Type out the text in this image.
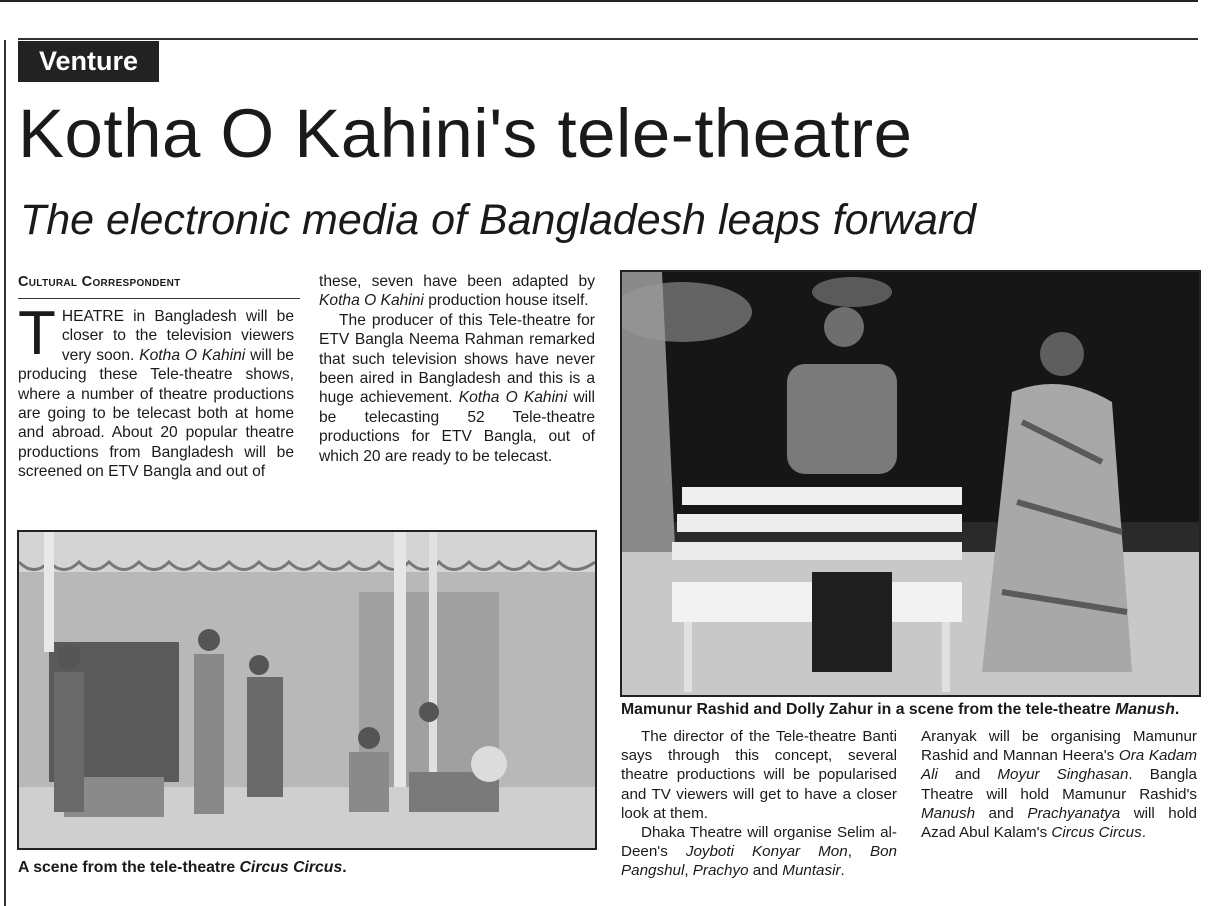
Venture
Kotha O Kahini's tele-theatre
The electronic media of Bangladesh leaps forward
Cultural Correspondent

THEATRE in Bangladesh will be closer to the television viewers very soon. Kotha O Kahini will be producing these Tele-theatre shows, where a number of theatre productions are going to be telecast both at home and abroad. About 20 popular theatre productions from Bangladesh will be screened on ETV Bangla and out of

these, seven have been adapted by Kotha O Kahini production house itself.

The producer of this Tele-theatre for ETV Bangla Neema Rahman remarked that such television shows have never been aired in Bangladesh and this is a huge achievement. Kotha O Kahini will be telecasting 52 Tele-theatre productions for ETV Bangla, out of which 20 are ready to be telecast.

Mamunur Rashid and Dolly Zahur in a scene from the tele-theatre Manush.
A scene from the tele-theatre Circus Circus.

The director of the Tele-theatre Banti says through this concept, several theatre productions will be popularised and TV viewers will get to have a closer look at them.

Dhaka Theatre will organise Selim al-Deen's Joyboti Konyar Mon, Bon Pangshul, Prachyo and Muntasir.

Aranyak will be organising Mamunur Rashid and Mannan Heera's Ora Kadam Ali and Moyur Singhasan. Bangla Theatre will hold Mamunur Rashid's Manush and Prachyanatya will hold Azad Abul Kalam's Circus Circus.
